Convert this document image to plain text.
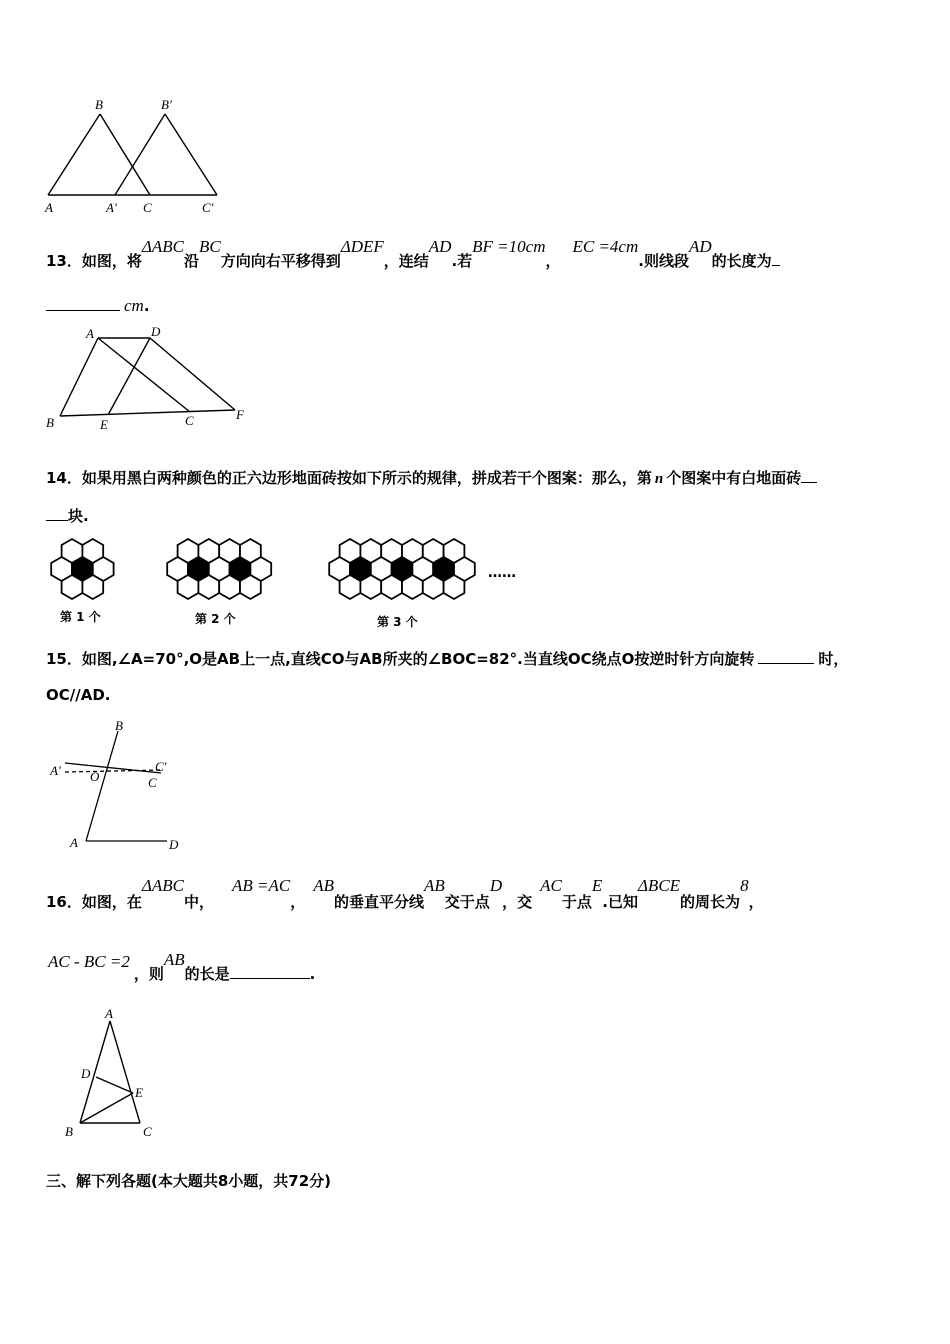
B	B'
A	A' C	C'
13．如图，将ΔABC沿BC方向向右平移得到ΔDEF，连结AD.若BF =10cm，EC =4cm.则线段AD的长度为
cm.
A	D
B	E	C	F
14．如果用黑白两种颜色的正六边形地面砖按如下所示的规律，拼成若干个图案：那么，第 n 个图案中有白地面砖
块.
第 1 个	第 2 个	第 3 个
……
15．如图,∠A=70°,O是AB上一点,直线CO与AB所夹的∠BOC=82°.当直线OC绕点O按逆时针方向旋转	时，
OC//AD.
B
A' O
C'
C
A	D
16．如图，在ΔABC中，AB =AC，AB的垂直平分线AB交于点D，交AC于点E.已知ΔBCE的周长为8，
AC - BC =2，则AB的长是	.
A
D
E
B	C
三、解下列各题(本大题共8小题，共72分)
